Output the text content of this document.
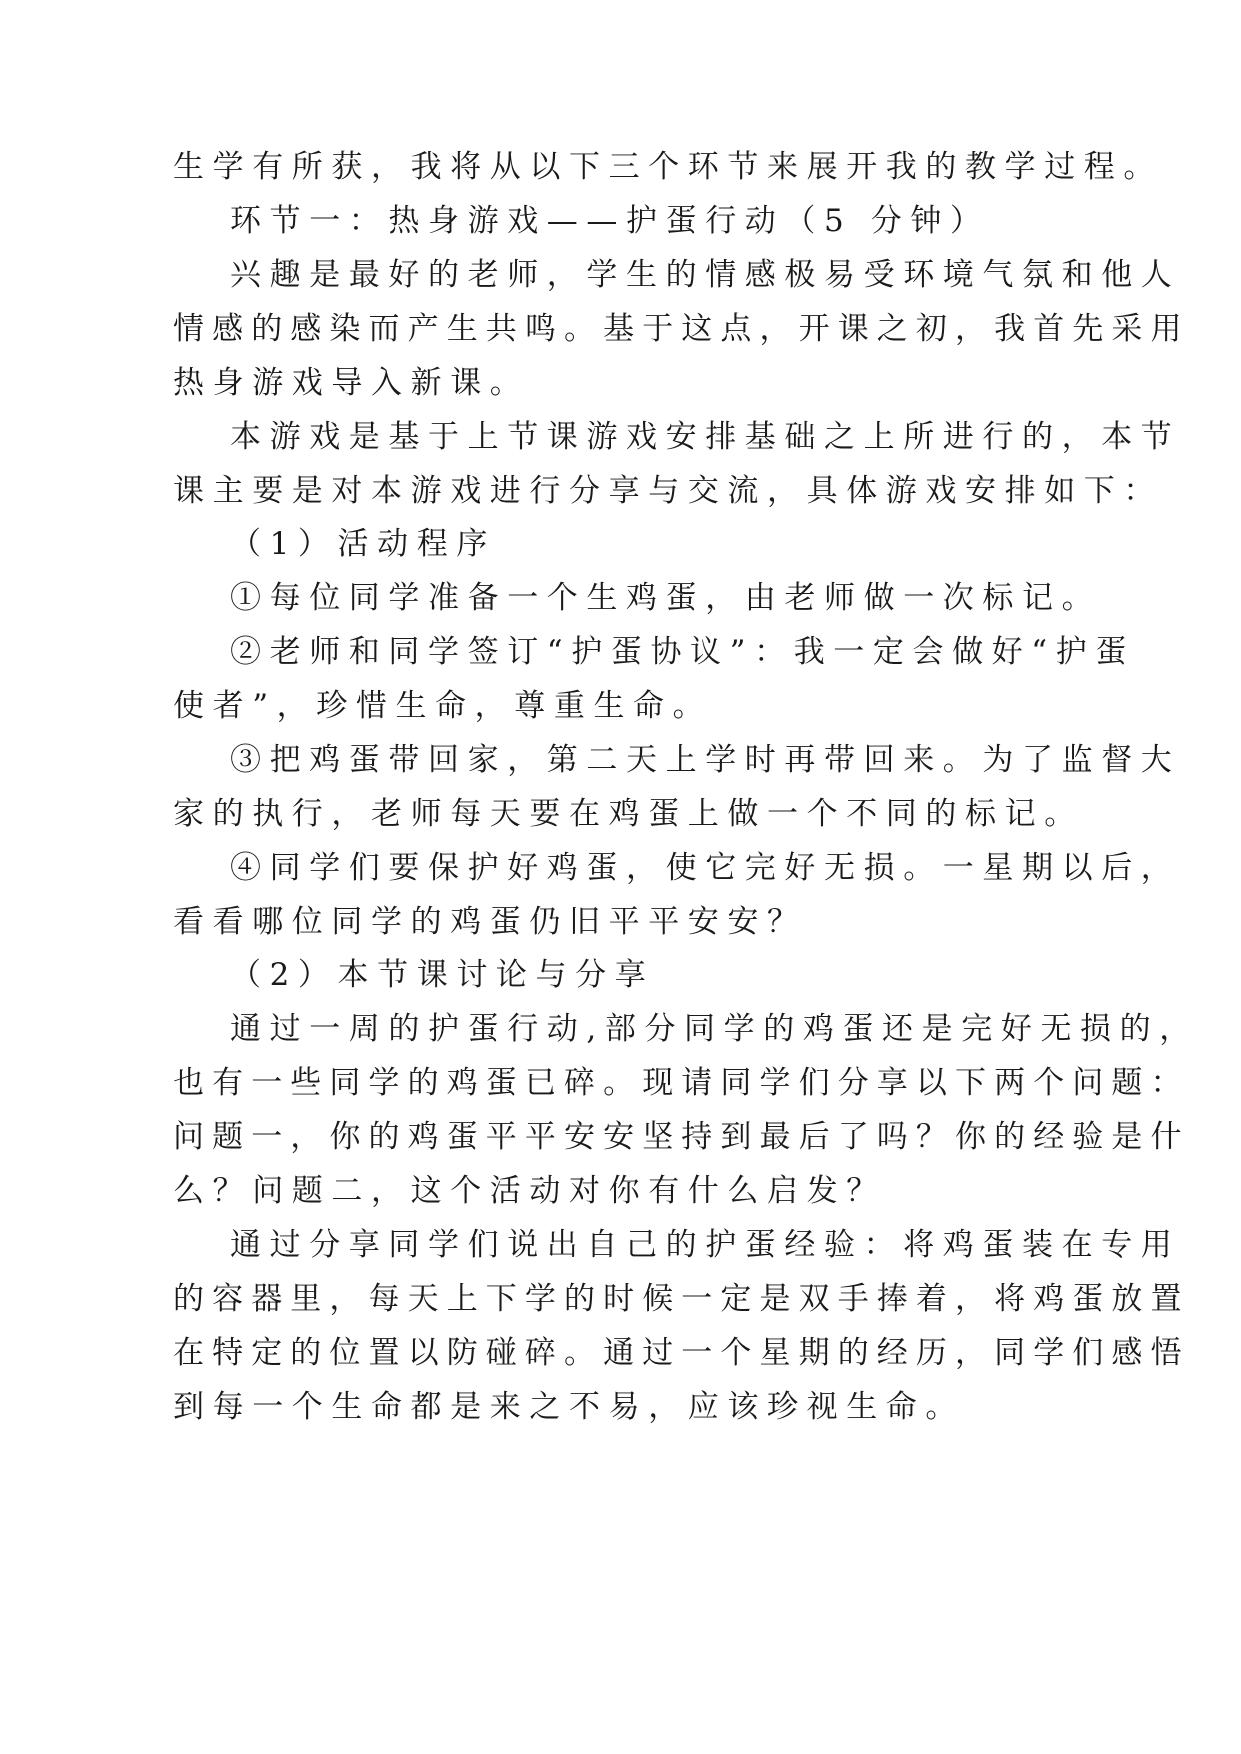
生学有所获，我将从以下三个环节来展开我的教学过程。
环节一：热身游戏——护蛋行动（5 分钟）
兴趣是最好的老师，学生的情感极易受环境气氛和他人
情感的感染而产生共鸣。基于这点，开课之初，我首先采用
热身游戏导入新课。
本游戏是基于上节课游戏安排基础之上所进行的，本节
课主要是对本游戏进行分享与交流，具体游戏安排如下：
（1）活动程序
①每位同学准备一个生鸡蛋，由老师做一次标记。
②老师和同学签订“护蛋协议”：我一定会做好“护蛋
使者”，珍惜生命，尊重生命。
③把鸡蛋带回家，第二天上学时再带回来。为了监督大
家的执行，老师每天要在鸡蛋上做一个不同的标记。
④同学们要保护好鸡蛋，使它完好无损。一星期以后，
看看哪位同学的鸡蛋仍旧平平安安？
（2）本节课讨论与分享
通过一周的护蛋行动,部分同学的鸡蛋还是完好无损的，
也有一些同学的鸡蛋已碎。现请同学们分享以下两个问题：
问题一，你的鸡蛋平平安安坚持到最后了吗？你的经验是什
么？问题二，这个活动对你有什么启发？
通过分享同学们说出自己的护蛋经验：将鸡蛋装在专用
的容器里，每天上下学的时候一定是双手捧着，将鸡蛋放置
在特定的位置以防碰碎。通过一个星期的经历，同学们感悟
到每一个生命都是来之不易，应该珍视生命。
